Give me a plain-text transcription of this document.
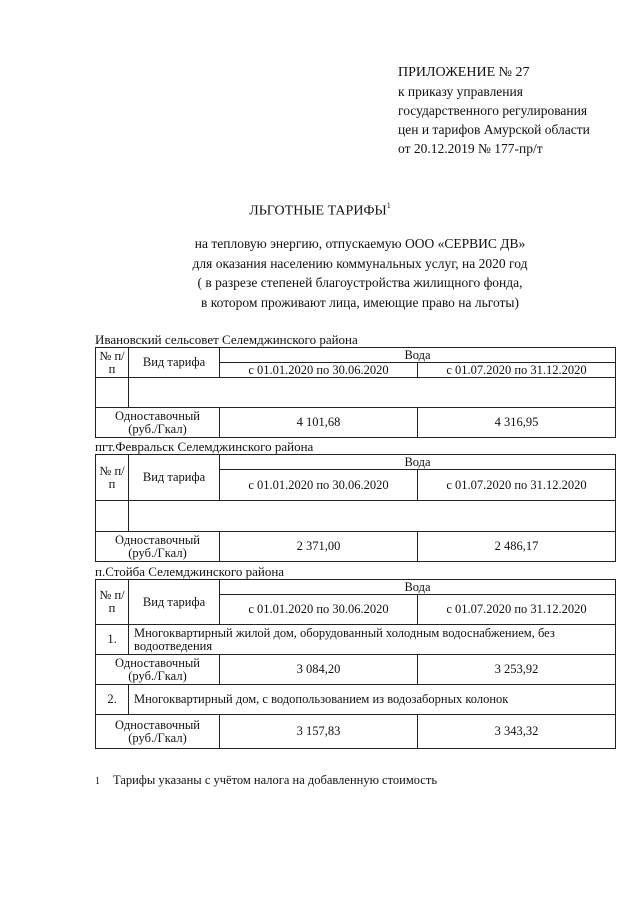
ПРИЛОЖЕНИЕ № 27
к приказу управления
государственного регулирования
цен и тарифов Амурской области
от 20.12.2019 № 177-пр/т
ЛЬГОТНЫЕ ТАРИФЫ$^1$
на тепловую энергию, отпускаемую ООО «СЕРВИС ДВ»
для оказания населению коммунальных услуг, на 2020 год
( в разрезе степеней благоустройства жилищного фонда,
в котором проживают лица, имеющие право на льготы)
Ивановский сельсовет Селемджинского района
№ п/п	Вид тарифа	Вода	
		с 01.01.2020 по 30.06.2020	с 01.07.2020 по 31.12.2020

Одноставочный (руб./Гкал)		4 101,68	4 316,95
пгт.Февральск Селемджинского района
№ п/п	Вид тарифа	Вода	
		с 01.01.2020 по 30.06.2020	с 01.07.2020 по 31.12.2020

Одноставочный (руб./Гкал)		2 371,00	2 486,17
п.Стойба Селемджинского района
№ п/п	Вид тарифа	Вода	
		с 01.01.2020 по 30.06.2020	с 01.07.2020 по 31.12.2020
1.	Многоквартирный жилой дом, оборудованный холодным водоснабжением, без водоотведения		
Одноставочный (руб./Гкал)		3 084,20	3 253,92
2.	Многоквартирный дом, с водопользованием из водозаборных колонок		
Одноставочный (руб./Гкал)		3 157,83	3 343,32
1 Тарифы указаны с учётом налога на добавленную стоимость
